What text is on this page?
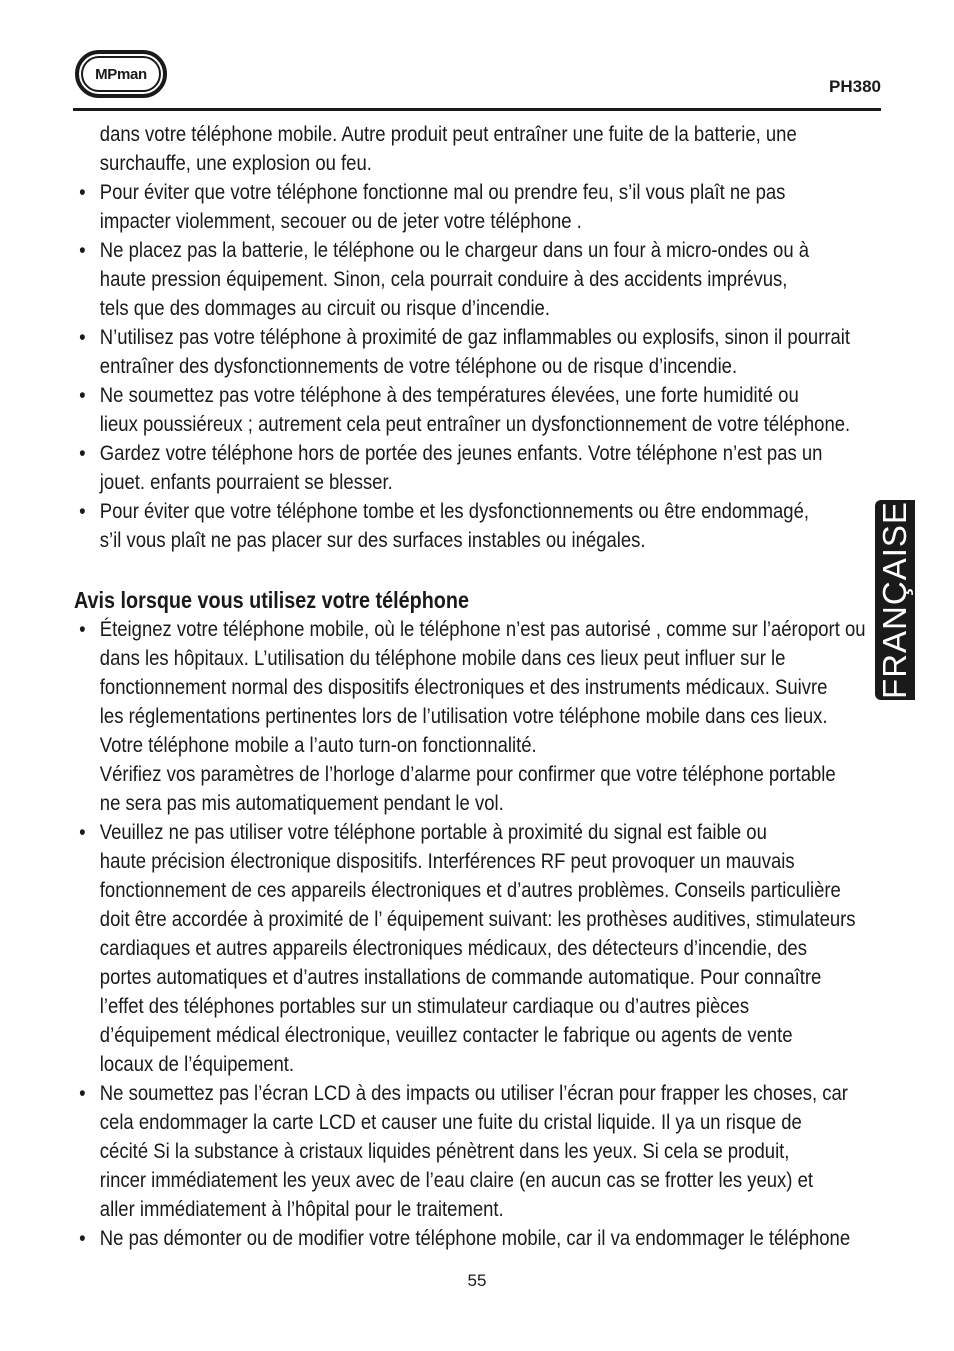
MPman
PH380
dans votre téléphone mobile. Autre produit peut entraîner une fuite de la batterie, une
surchauffe, une explosion ou feu.
• Pour éviter que votre téléphone fonctionne mal ou prendre feu, s’il vous plaît ne pas
impacter violemment, secouer ou de jeter votre téléphone .
• Ne placez pas la batterie, le téléphone ou le chargeur dans un four à micro-ondes ou à
haute pression équipement. Sinon, cela pourrait conduire à des accidents imprévus,
tels que des dommages au circuit ou risque d’incendie.
• N’utilisez pas votre téléphone à proximité de gaz inflammables ou explosifs, sinon il pourrait
entraîner des dysfonctionnements de votre téléphone ou de risque d’incendie.
• Ne soumettez pas votre téléphone à des températures élevées, une forte humidité ou
lieux poussiéreux ; autrement cela peut entraîner un dysfonctionnement de votre téléphone.
• Gardez votre téléphone hors de portée des jeunes enfants. Votre téléphone n’est pas un
jouet. enfants pourraient se blesser.
• Pour éviter que votre téléphone tombe et les dysfonctionnements ou être endommagé,
s’il vous plaît ne pas placer sur des surfaces instables ou inégales.
Avis lorsque vous utilisez votre téléphone
• Éteignez votre téléphone mobile, où le téléphone n’est pas autorisé , comme sur l’aéroport ou
dans les hôpitaux. L’utilisation du téléphone mobile dans ces lieux peut influer sur le
fonctionnement normal des dispositifs électroniques et des instruments médicaux. Suivre
les réglementations pertinentes lors de l’utilisation votre téléphone mobile dans ces lieux.
Votre téléphone mobile a l’auto turn-on fonctionnalité.
Vérifiez vos paramètres de l’horloge d’alarme pour confirmer que votre téléphone portable
ne sera pas mis automatiquement pendant le vol.
• Veuillez ne pas utiliser votre téléphone portable à proximité du signal est faible ou
haute précision électronique dispositifs. Interférences RF peut provoquer un mauvais
fonctionnement de ces appareils électroniques et d’autres problèmes. Conseils particulière
doit être accordée à proximité de l’ équipement suivant: les prothèses auditives, stimulateurs
cardiaques et autres appareils électroniques médicaux, des détecteurs d’incendie, des
portes automatiques et d’autres installations de commande automatique. Pour connaître
l’effet des téléphones portables sur un stimulateur cardiaque ou d’autres pièces
d’équipement médical électronique, veuillez contacter le fabrique ou agents de vente
locaux de l’équipement.
• Ne soumettez pas l’écran LCD à des impacts ou utiliser l’écran pour frapper les choses, car
cela endommager la carte LCD et causer une fuite du cristal liquide. Il ya un risque de
cécité Si la substance à cristaux liquides pénètrent dans les yeux. Si cela se produit,
rincer immédiatement les yeux avec de l’eau claire (en aucun cas se frotter les yeux) et
aller immédiatement à l’hôpital pour le traitement.
• Ne pas démonter ou de modifier votre téléphone mobile, car il va endommager le téléphone
FRANÇAISE
55
